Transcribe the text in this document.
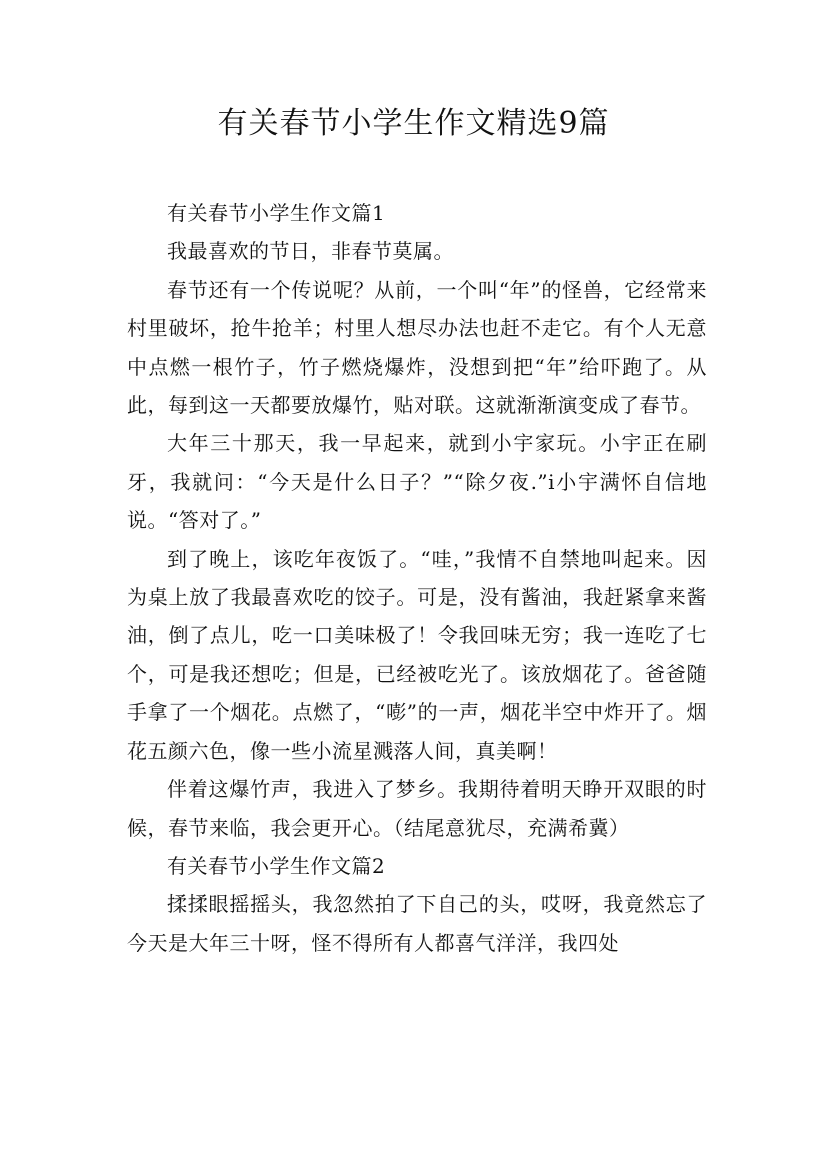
有关春节小学生作文精选9篇

有关春节小学生作文篇1

我最喜欢的节日，非春节莫属。

春节还有一个传说呢？从前，一个叫“年”的怪兽，它经常来村里破坏，抢牛抢羊；村里人想尽办法也赶不走它。有个人无意中点燃一根竹子，竹子燃烧爆炸，没想到把“年”给吓跑了。从此，每到这一天都要放爆竹，贴对联。这就渐渐演变成了春节。

大年三十那天，我一早起来，就到小宇家玩。小宇正在刷牙，我就问：“今天是什么日子？”“除夕夜.”i小宇满怀自信地说。“答对了。”

到了晚上，该吃年夜饭了。“哇，”我情不自禁地叫起来。因为桌上放了我最喜欢吃的饺子。可是，没有酱油，我赶紧拿来酱油，倒了点儿，吃一口美味极了！令我回味无穷；我一连吃了七个，可是我还想吃；但是，已经被吃光了。该放烟花了。爸爸随手拿了一个烟花。点燃了，“嘭”的一声，烟花半空中炸开了。烟花五颜六色，像一些小流星溅落人间，真美啊！

伴着这爆竹声，我进入了梦乡。我期待着明天睁开双眼的时候，春节来临，我会更开心。（结尾意犹尽，充满希冀）

有关春节小学生作文篇2

揉揉眼摇摇头，我忽然拍了下自己的头，哎呀，我竟然忘了今天是大年三十呀，怪不得所有人都喜气洋洋，我四处
